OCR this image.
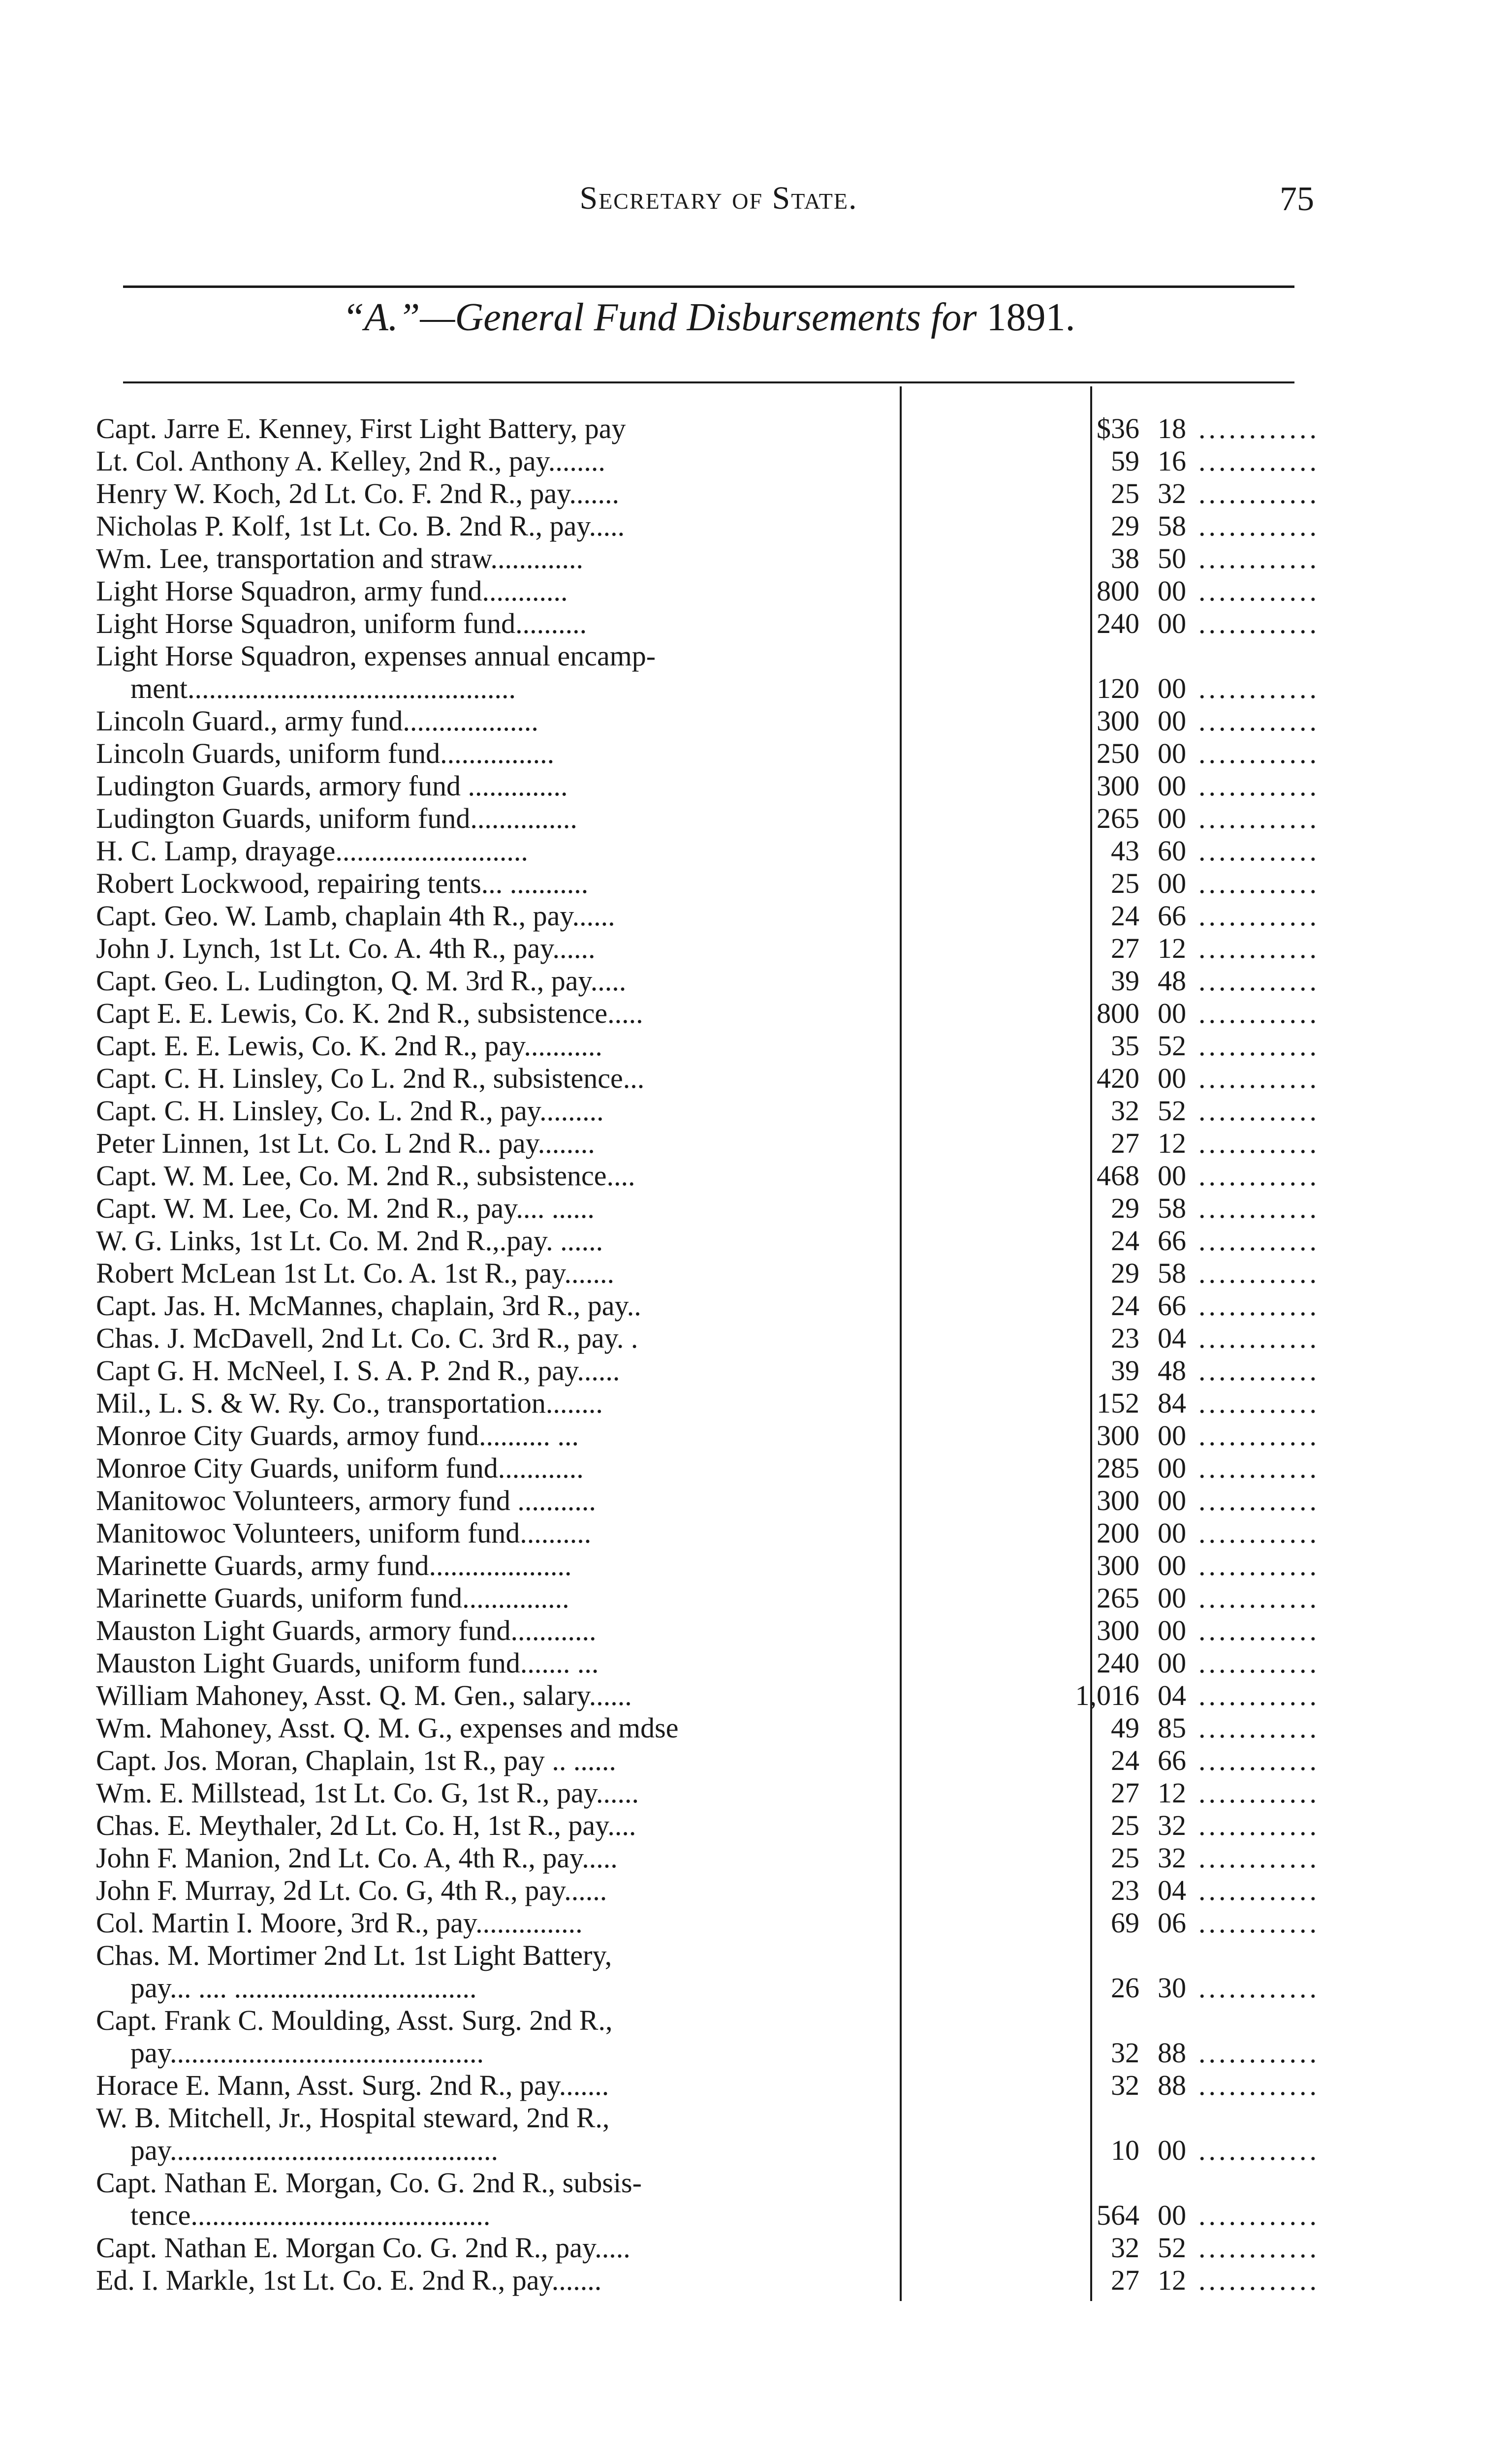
Secretary of State.	75
“A.”—General Fund Disbursements for 1891.
Capt. Jarre E. Kenney, First Light Battery, pay	$36 18 ............
Lt. Col. Anthony A. Kelley, 2nd R., pay........	59 16 ............
Henry W. Koch, 2d Lt. Co. F. 2nd R., pay.......	25 32 ............
Nicholas P. Kolf, 1st Lt. Co. B. 2nd R., pay.....	29 58 ............
Wm. Lee, transportation and straw.............	38 50 ............
Light Horse Squadron, army fund............	800 00 ............
Light Horse Squadron, uniform fund..........	240 00 ............
Light Horse Squadron, expenses annual encamp-
ment..............................................	120 00 ............
Lincoln Guard., army fund...................	300 00 ............
Lincoln Guards, uniform fund................	250 00 ............
Ludington Guards, armory fund ..............	300 00 ............
Ludington Guards, uniform fund...............	265 00 ............
H. C. Lamp, drayage...........................	43 60 ............
Robert Lockwood, repairing tents... ...........	25 00 ............
Capt. Geo. W. Lamb, chaplain 4th R., pay......	24 66 ............
John J. Lynch, 1st Lt. Co. A. 4th R., pay......	27 12 ............
Capt. Geo. L. Ludington, Q. M. 3rd R., pay.....	39 48 ............
Capt E. E. Lewis, Co. K. 2nd R., subsistence.....	800 00 ............
Capt. E. E. Lewis, Co. K. 2nd R., pay...........	35 52 ............
Capt. C. H. Linsley, Co L. 2nd R., subsistence...	420 00 ............
Capt. C. H. Linsley, Co. L. 2nd R., pay.........	32 52 ............
Peter Linnen, 1st Lt. Co. L 2nd R.. pay........	27 12 ............
Capt. W. M. Lee, Co. M. 2nd R., subsistence....	468 00 ............
Capt. W. M. Lee, Co. M. 2nd R., pay.... ......	29 58 ............
W. G. Links, 1st Lt. Co. M. 2nd R.,.pay. ......	24 66 ............
Robert McLean 1st Lt. Co. A. 1st R., pay.......	29 58 ............
Capt. Jas. H. McMannes, chaplain, 3rd R., pay..	24 66 ............
Chas. J. McDavell, 2nd Lt. Co. C. 3rd R., pay. .	23 04 ............
Capt G. H. McNeel, I. S. A. P. 2nd R., pay......	39 48 ............
Mil., L. S. & W. Ry. Co., transportation........	152 84 ............
Monroe City Guards, armoy fund.......... ...	300 00 ............
Monroe City Guards, uniform fund............	285 00 ............
Manitowoc Volunteers, armory fund ...........	300 00 ............
Manitowoc Volunteers, uniform fund..........	200 00 ............
Marinette Guards, army fund....................	300 00 ............
Marinette Guards, uniform fund...............	265 00 ............
Mauston Light Guards, armory fund............	300 00 ............
Mauston Light Guards, uniform fund....... ...	240 00 ............
William Mahoney, Asst. Q. M. Gen., salary......	1,016 04 ............
Wm. Mahoney, Asst. Q. M. G., expenses and mdse	49 85 ............
Capt. Jos. Moran, Chaplain, 1st R., pay .. ......	24 66 ............
Wm. E. Millstead, 1st Lt. Co. G, 1st R., pay......	27 12 ............
Chas. E. Meythaler, 2d Lt. Co. H, 1st R., pay....	25 32 ............
John F. Manion, 2nd Lt. Co. A, 4th R., pay.....	25 32 ............
John F. Murray, 2d Lt. Co. G, 4th R., pay......	23 04 ............
Col. Martin I. Moore, 3rd R., pay...............	69 06 ............
Chas. M. Mortimer 2nd Lt. 1st Light Battery,
pay... .... ..................................	26 30 ............
Capt. Frank C. Moulding, Asst. Surg. 2nd R.,
pay............................................	32 88 ............
Horace E. Mann, Asst. Surg. 2nd R., pay.......	32 88 ............
W. B. Mitchell, Jr., Hospital steward, 2nd R.,
pay..............................................	10 00 ............
Capt. Nathan E. Morgan, Co. G. 2nd R., subsis-
tence..........................................	564 00 ............
Capt. Nathan E. Morgan Co. G. 2nd R., pay.....	32 52 ............
Ed. I. Markle, 1st Lt. Co. E. 2nd R., pay.......	27 12 ............
